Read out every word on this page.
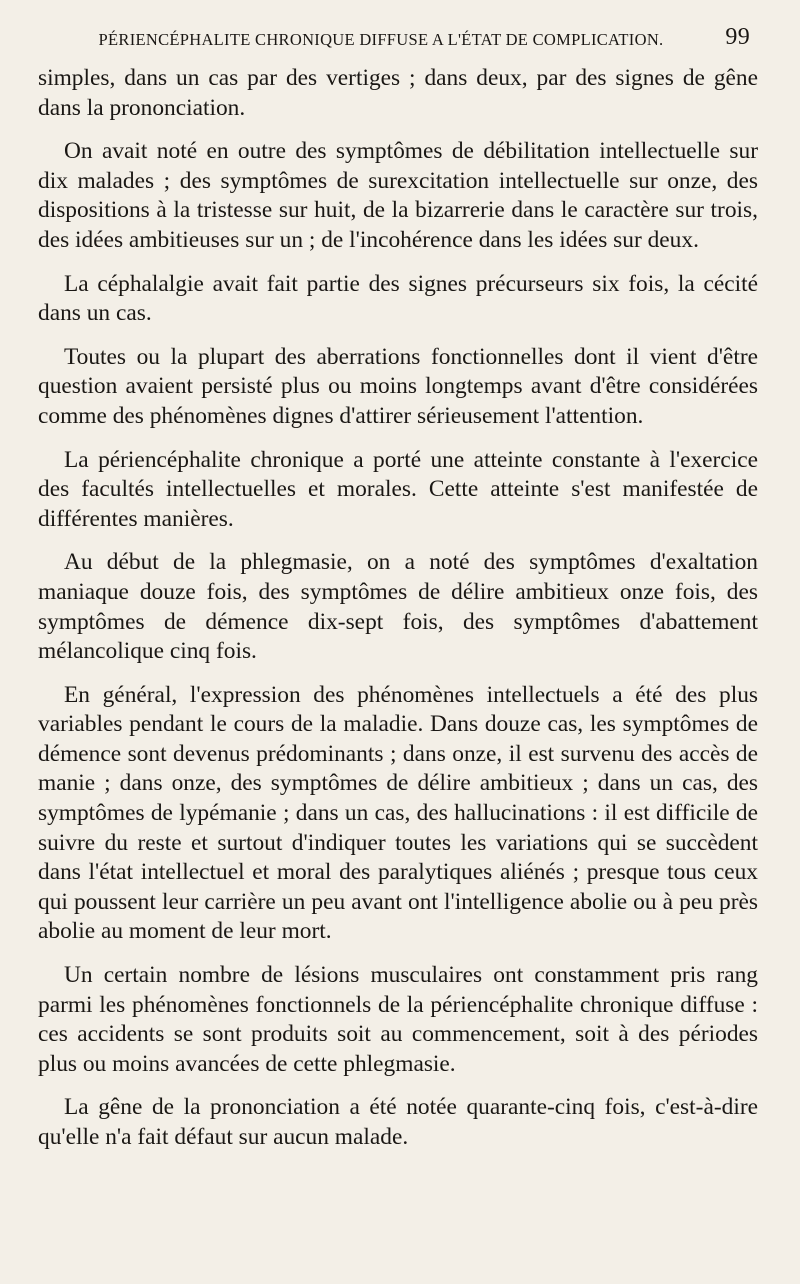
PÉRIENCÉPHALITE CHRONIQUE DIFFUSE A L'ÉTAT DE COMPLICATION.	99

simples, dans un cas par des vertiges ; dans deux, par des signes de gêne dans la prononciation.

On avait noté en outre des symptômes de débilitation intellectuelle sur dix malades ; des symptômes de surexcitation intellectuelle sur onze, des dispositions à la tristesse sur huit, de la bizarrerie dans le caractère sur trois, des idées ambitieuses sur un ; de l'incohérence dans les idées sur deux.

La céphalalgie avait fait partie des signes précurseurs six fois, la cécité dans un cas.

Toutes ou la plupart des aberrations fonctionnelles dont il vient d'être question avaient persisté plus ou moins longtemps avant d'être considérées comme des phénomènes dignes d'attirer sérieusement l'attention.

La périencéphalite chronique a porté une atteinte constante à l'exercice des facultés intellectuelles et morales. Cette atteinte s'est manifestée de différentes manières.

Au début de la phlegmasie, on a noté des symptômes d'exaltation maniaque douze fois, des symptômes de délire ambitieux onze fois, des symptômes de démence dix-sept fois, des symptômes d'abattement mélancolique cinq fois.

En général, l'expression des phénomènes intellectuels a été des plus variables pendant le cours de la maladie. Dans douze cas, les symptômes de démence sont devenus prédominants ; dans onze, il est survenu des accès de manie ; dans onze, des symptômes de délire ambitieux ; dans un cas, des symptômes de lypémanie ; dans un cas, des hallucinations : il est difficile de suivre du reste et surtout d'indiquer toutes les variations qui se succèdent dans l'état intellectuel et moral des paralytiques aliénés ; presque tous ceux qui poussent leur carrière un peu avant ont l'intelligence abolie ou à peu près abolie au moment de leur mort.

Un certain nombre de lésions musculaires ont constamment pris rang parmi les phénomènes fonctionnels de la périencéphalite chronique diffuse : ces accidents se sont produits soit au commencement, soit à des périodes plus ou moins avancées de cette phlegmasie.

La gêne de la prononciation a été notée quarante-cinq fois, c'est-à-dire qu'elle n'a fait défaut sur aucun malade.
